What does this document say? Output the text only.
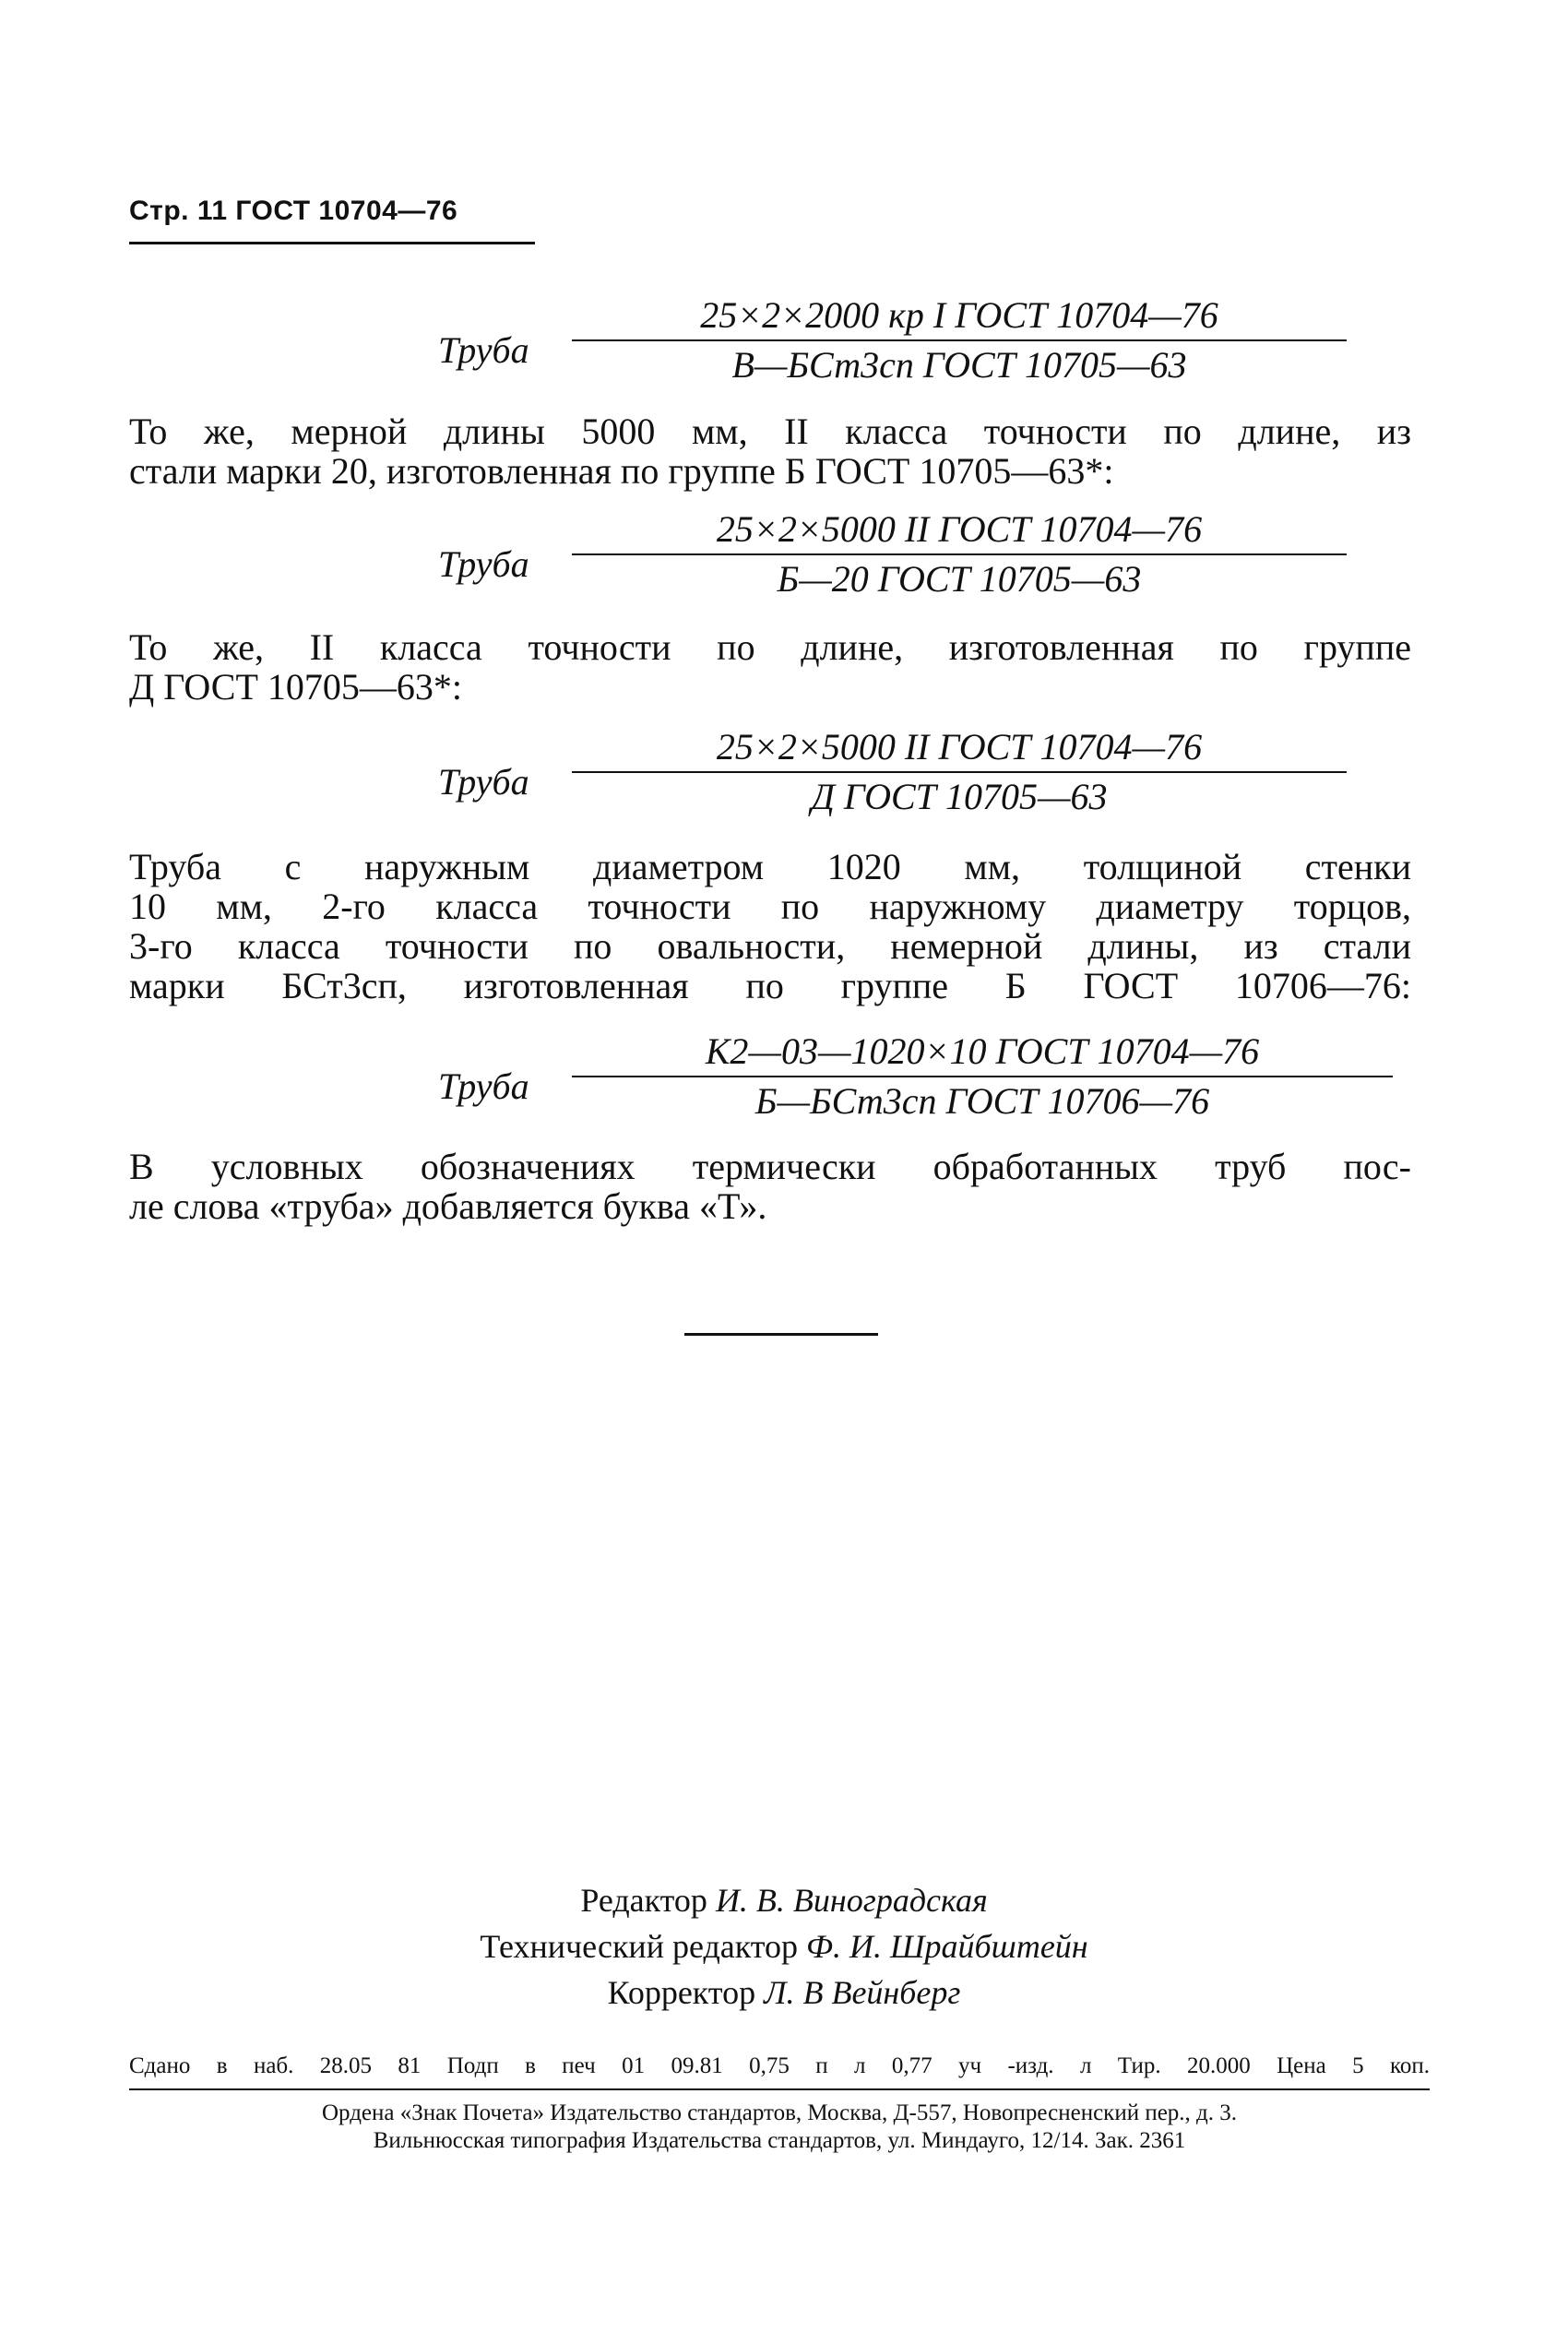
Стр. 11 ГОСТ 10704—76
Труба
25×2×2000 кр I ГОСТ 10704—76
В—БСт3сп ГОСТ 10705—63
То же, мерной длины 5000 мм, II класса точности по длине, из
стали марки 20, изготовленная по группе Б ГОСТ 10705—63*:
Труба
25×2×5000 II ГОСТ 10704—76
Б—20 ГОСТ 10705—63
То же, II класса точности по длине, изготовленная по группе
Д ГОСТ 10705—63*:
Труба
25×2×5000 II ГОСТ 10704—76
Д ГОСТ 10705—63
Труба с наружным диаметром 1020 мм, толщиной стенки
10 мм, 2-го класса точности по наружному диаметру торцов,
3-го класса точности по овальности, немерной длины, из стали
марки БСт3сп, изготовленная по группе Б ГОСТ 10706—76:
Труба
К2—03—1020×10 ГОСТ 10704—76
Б—БСт3сп ГОСТ 10706—76
В условных обозначениях термически обработанных труб пос-
ле слова «труба» добавляется буква «Т».
Редактор И. В. Виноградская
Технический редактор Ф. И. Шрайбштейн
Корректор Л. В Вейнберг
Сдано в наб. 28.05 81 Подп в печ 01 09.81 0,75 п л 0,77 уч -изд. л Тир. 20.000 Цена 5 коп.
Ордена «Знак Почета» Издательство стандартов, Москва, Д-557, Новопресненский пер., д. 3.
Вильнюсская типография Издательства стандартов, ул. Миндауго, 12/14. Зак. 2361
